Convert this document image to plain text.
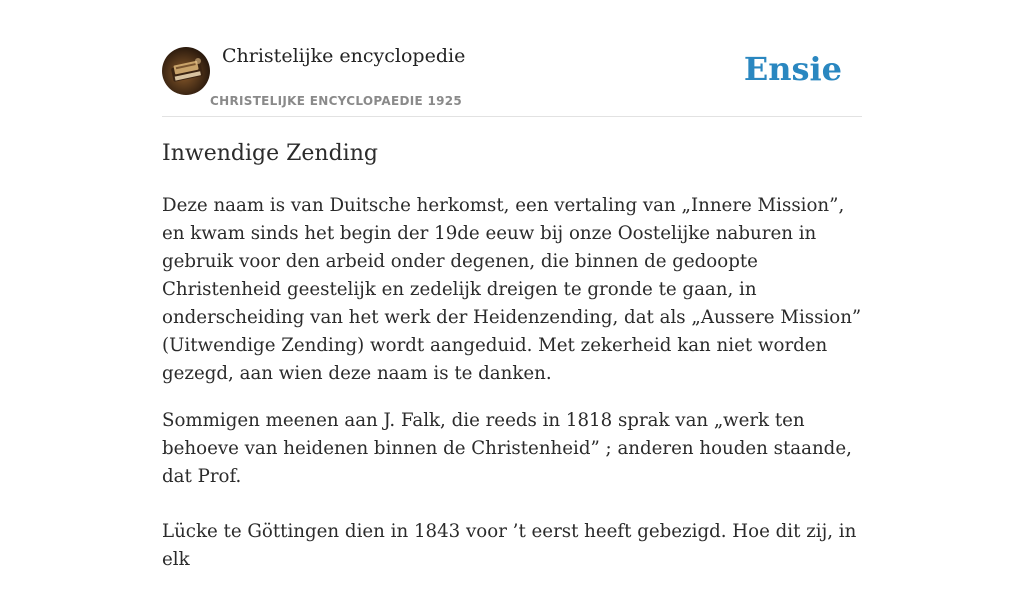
Christelijke encyclopedie
CHRISTELIJKE ENCYCLOPAEDIE 1925
Ensie
Inwendige Zending

Deze naam is van Duitsche herkomst, een vertaling van „Innere Mission”, en kwam sinds het begin der 19de eeuw bij onze Oostelijke naburen in gebruik voor den arbeid onder degenen, die binnen de gedoopte Christenheid geestelijk en zedelijk dreigen te gronde te gaan, in onderscheiding van het werk der Heidenzending, dat als „Aussere Mission” (Uitwendige Zending) wordt aangeduid. Met zekerheid kan niet worden gezegd, aan wien deze naam is te danken.

Sommigen meenen aan J. Falk, die reeds in 1818 sprak van „werk ten behoeve van heidenen binnen de Christenheid” ; anderen houden staande, dat Prof.

Lücke te Göttingen dien in 1843 voor ’t eerst heeft gebezigd. Hoe dit zij, in elk
